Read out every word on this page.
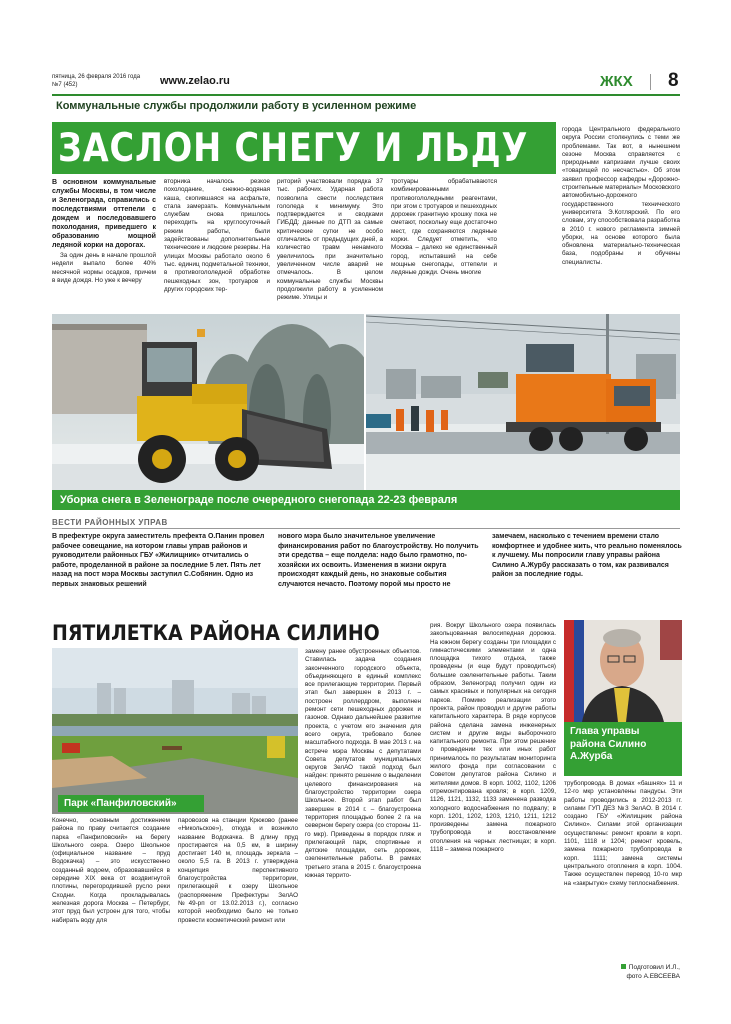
пятница, 26 февраля 2016 года
№7 (452)	www.zelao.ru	ЖКХ 8
Коммунальные службы продолжили работу в усиленном режиме
ЗАСЛОН СНЕГУ И ЛЬДУ
В основном коммунальные службы Москвы, в том числе и Зеленограда, справились с последствиями оттепели с дождем и последовавшего похолодания, приведшего к образованию мощной ледяной корки на дорогах.
За один день в начале прошлой недели выпало более 40% месячной нормы осадков, причем в виде дождя. Но уже к вечеру
вторника началось резкое похолодание, снежно-водяная каша, скопившаяся на асфальте, стала замерзать. Коммунальным службам снова пришлось переходить на круглосуточный режим работы, были задействованы дополнительные технические и людские резервы. На улицах Москвы работало около 6 тыс. единиц подметальной техники, в противогололедной обработке пешеходных зон, тротуаров и других городских тер-
риторий участвовали порядка 37 тыс. рабочих. Ударная работа позволила свести последствия гололеда к минимуму. Это подтверждается и сводками ГИБДД: данные по ДТП за самые критические сутки не особо отличались от предыдущих дней, а количество травм ненамного увеличилось при значительно увеличенном числе аварий не отмечалось. В целом коммунальные службы Москвы продолжили работу в усиленном режиме. Улицы и
тротуары обрабатываются комбинированными противогололедными реагентами, при этом с тротуаров и пешеходных дорожек гранитную крошку пока не сметают, поскольку еще достаточно мест, где сохраняются ледяные корки. Следует отметить, что Москва – далеко не единственный город, испытавший на себе мощные снегопады, оттепели и ледяные дожди. Очень многие
города Центрального федерального округа России столкнулись с теми же проблемами. Так вот, в нынешнем сезоне Москва справляется с природными капризами лучше своих «товарищей по несчастью». Об этом заявил профессор кафедры «Дорожно-строительные материалы» Московского автомобильно-дорожного государственного технического университета Э.Котлярский. По его словам, эту способствовала разработка в 2010 г. нового регламента зимней уборки, на основе которого была обновлена материально-техническая база, подобраны и обучены специалисты.
Уборка снега в Зеленограде после очередного снегопада 22-23 февраля
ВЕСТИ РАЙОННЫХ УПРАВ
В префектуре округа заместитель префекта О.Панин провел рабочее совещание, на котором главы управ районов и руководители районных ГБУ «Жилищник» отчитались о работе, проделанной в районе за последние 5 лет. Пять лет назад на пост мэра Москвы заступил С.Собянин. Одно из первых знаковых решений
нового мэра было значительное увеличение финансирования работ по благоустройству. Но получить эти средства – еще полдела: надо было грамотно, по-хозяйски их освоить. Изменения в жизни округа происходят каждый день, но знаковые события случаются нечасто. Поэтому порой мы просто не
замечаем, насколько с течением времени стало комфортнее и удобнее жить, что реально поменялось к лучшему. Мы попросили главу управы района Силино А.Журбу рассказать о том, как развивался район за последние годы.
ПЯТИЛЕТКА РАЙОНА СИЛИНО
Парк «Панфиловский»
Глава управы района Силино А.Журба
Конечно, основным достижением района по праву считается создание парка «Панфиловский» на берегу Школьного озера. Озеро Школьное (официальное название – пруд Водокачка) – это искусственно созданный водоем, образовавшийся в середине XIX века от воздвигнутой плотины, перегородившей русло реки Сходни. Когда прокладывалась железная дорога Москва – Петербург, этот пруд был устроен для того, чтобы набирать воду для
паровозов на станции Крюково (ранее «Никольское»), откуда и возникло название Водокачка. В длину пруд простирается на 0,5 км, в ширину достигает 140 м, площадь зеркала – около 5,5 га. В 2013 г. утверждена концепция перспективного благоустройства территории, прилегающей к озеру Школьное (распоряжение Префектуры ЗелАО №49-рп от 13.02.2013 г.), согласно которой необходимо было не только провести косметический ремонт или
замену ранее обустроенных объектов. Ставилась задача создания законченного городского объекта, объединяющего в единый комплекс все прилегающие территории. Первый этап был завершен в 2013 г. – построен роллердром, выполнен ремонт сети пешеходных дорожек и газонов. Однако дальнейшее развитие проекта, с учетом его значения для всего округа, требовало более масштабного подхода. В мае 2013 г. на встрече мэра Москвы с депутатами Совета депутатов муниципальных округов ЗелАО такой подход был найден: принято решение о выделении целевого финансирования на благоустройство территории озера Школьное. Второй этап работ был завершен в 2014 г. – благоустроена территория площадью более 2 га на северном берегу озера (со стороны 11-го мкр). Приведены в порядок пляж и прилегающий парк, спортивные и детские площадки, сеть дорожек, озеленительные работы. В рамках третьего этапа в 2015 г. благоустроена южная террито-
рия. Вокруг Школьного озера появилась закольцованная велосипедная дорожка. На южном берегу созданы три площадки с гимнастическими элементами и одна площадка тихого отдыха, также проведены (и еще будут проводиться) большие озеленительные работы. Таким образом, Зеленоград получил один из самых красивых и популярных на сегодня парков. Помимо реализации этого проекта, район проводил и другие работы капитального характера. В ряде корпусов района сделана замена инженерных систем и другие виды выборочного капитального ремонта. При этом решение о проведении тех или иных работ принималось по результатам мониторинга жилого фонда при согласовании с Советом депутатов района Силино и жителями домов. В корп. 1002, 1102, 1206 отремонтирована кровля; в корп. 1209, 1126, 1121, 1132, 1133 заменена разводка холодного водоснабжения по подвалу; в корп. 1201, 1202, 1203, 1210, 1211, 1212 произведены замена пожарного трубопровода и восстановление отопления на черных лестницах; в корп. 1118 – замена пожарного
трубопровода. В домах «башнях» 11 и 12-го мкр установлены пандусы. Эти работы проводились в 2012-2013 гг. силами ГУП ДЕЗ №3 ЗелАО. В 2014 г. создано ГБУ «Жилищник района Силино». Силами этой организации осуществлены: ремонт кровли в корп. 1101, 1118 и 1204; ремонт кровель, замена пожарного трубопровода в корп. 1111; замена системы центрального отопления в корп. 1004. Также осуществлен перевод 10-го мкр на «закрытую» схему теплоснабжения.
Подготовил И.Л.,
фото А.ЕВСЕЕВА
